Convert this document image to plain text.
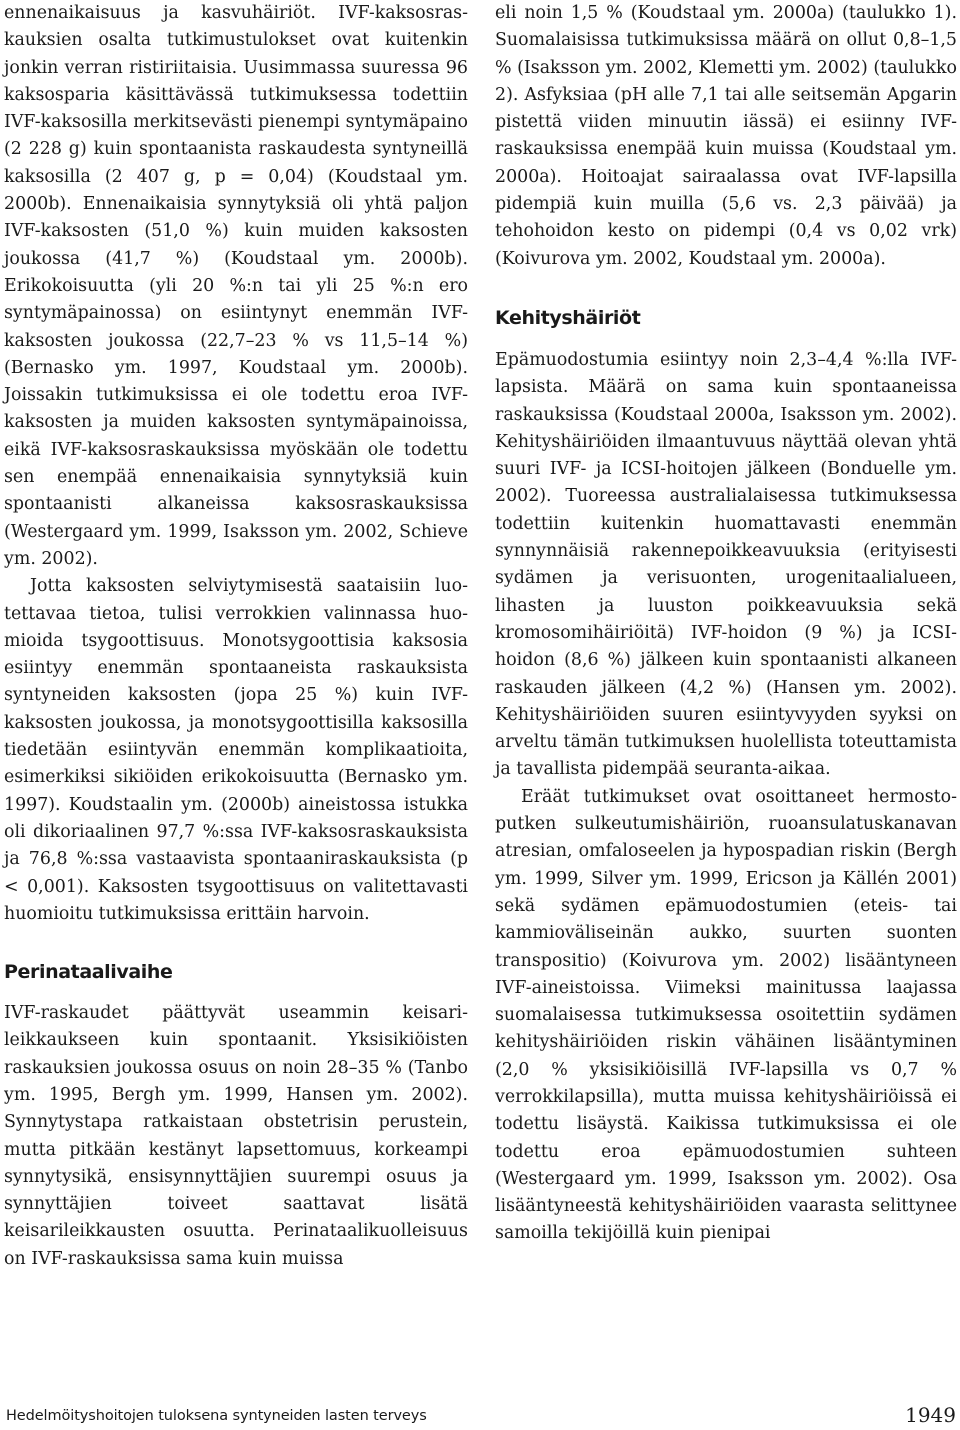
ennenaikaisuus ja kasvuhäiriöt. IVF-kaksosraskauksien osalta tutkimustulokset ovat kuitenkin jonkin verran ristiriitaisia. Uusimmassa suuressa 96 kaksosparia käsittävässä tutkimuksessa todettiin IVF-kaksosilla merkitsevästi pienempi syntymäpaino (2 228 g) kuin spontaanista raskaudesta syntyneillä kaksosilla (2 407 g, p = 0,04) (Koudstaal ym. 2000b). Ennenaikaisia synnytyksiä oli yhtä paljon IVF-kaksosten (51,0 %) kuin muiden kaksosten joukossa (41,7 %) (Koudstaal ym. 2000b). Erikokoisuutta (yli 20 %:n tai yli 25 %:n ero syntymäpainossa) on esiintynyt enemmän IVF-kaksosten joukossa (22,7–23 % vs 11,5–14 %) (Bernasko ym. 1997, Koudstaal ym. 2000b). Joissakin tutkimuksissa ei ole todettu eroa IVF-kaksosten ja muiden kaksosten syntymäpainoissa, eikä IVF-kaksosraskauksissa myöskään ole todettu sen enempää ennenaikaisia synnytyksiä kuin spontaanisti alkaneissa kaksosraskauksissa (Westergaard ym. 1999, Isaksson ym. 2002, Schieve ym. 2002).

Jotta kaksosten selviytymisestä saataisiin luotettavaa tietoa, tulisi verrokkien valinnassa huomioida tsygoottisuus. Monotsygoottisia kaksosia esiintyy enemmän spontaaneista raskauksista syntyneiden kaksosten (jopa 25 %) kuin IVF-kaksosten joukossa, ja monotsygoottisilla kaksosilla tiedetään esiintyvän enemmän komplikaatioita, esimerkiksi sikiöiden erikokoisuutta (Bernasko ym. 1997). Koudstaalin ym. (2000b) aineistossa istukka oli dikoriaalinen 97,7 %:ssa IVF-kaksosraskauksista ja 76,8 %:ssa vastaavista spontaaniraskauksista (p < 0,001). Kaksosten tsygoottisuus on valitettavasti huomioitu tutkimuksissa erittäin harvoin.

Perinataalivaihe

IVF-raskaudet päättyvät useammin keisarileikkaukseen kuin spontaanit. Yksisikiöisten raskauksien joukossa osuus on noin 28–35 % (Tanbo ym. 1995, Bergh ym. 1999, Hansen ym. 2002). Synnytystapa ratkaistaan obstetrisin perustein, mutta pitkään kestänyt lapsettomuus, korkeampi synnytysikä, ensisynnyttäjien suurempi osuus ja synnyttäjien toiveet saattavat lisätä keisarileikkausten osuutta. Perinataalikuolleisuus on IVF-raskauksissa sama kuin muissa

eli noin 1,5 % (Koudstaal ym. 2000a) (taulukko 1). Suomalaisissa tutkimuksissa määrä on ollut 0,8–1,5 % (Isaksson ym. 2002, Klemetti ym. 2002) (taulukko 2). Asfyksiaa (pH alle 7,1 tai alle seitsemän Apgarin pistettä viiden minuutin iässä) ei esiinny IVF-raskauksissa enempää kuin muissa (Koudstaal ym. 2000a). Hoitoajat sairaalassa ovat IVF-lapsilla pidempiä kuin muilla (5,6 vs. 2,3 päivää) ja tehohoidon kesto on pidempi (0,4 vs 0,02 vrk) (Koivurova ym. 2002, Koudstaal ym. 2000a).

Kehityshäiriöt

Epämuodostumia esiintyy noin 2,3–4,4 %:lla IVF-lapsista. Määrä on sama kuin spontaaneissa raskauksissa (Koudstaal 2000a, Isaksson ym. 2002). Kehityshäiriöiden ilmaantuvuus näyttää olevan yhtä suuri IVF- ja ICSI-hoitojen jälkeen (Bonduelle ym. 2002). Tuoreessa australialaisessa tutkimuksessa todettiin kuitenkin huomattavasti enemmän synnynnäisiä rakennepoikkeavuuksia (erityisesti sydämen ja verisuonten, urogenitaalialueen, lihasten ja luuston poikkeavuuksia sekä kromosomihäiriöitä) IVF-hoidon (9 %) ja ICSI-hoidon (8,6 %) jälkeen kuin spontaanisti alkaneen raskauden jälkeen (4,2 %) (Hansen ym. 2002). Kehityshäiriöiden suuren esiintyvyyden syyksi on arveltu tämän tutkimuksen huolellista toteuttamista ja tavallista pidempää seuranta-aikaa.

Eräät tutkimukset ovat osoittaneet hermostoputken sulkeutumishäiriön, ruoansulatuskanavan atresian, omfaloseelen ja hypospadian riskin (Bergh ym. 1999, Silver ym. 1999, Ericson ja Källén 2001) sekä sydämen epämuodostumien (eteis- tai kammioväliseinän aukko, suurten suonten transpositio) (Koivurova ym. 2002) lisääntyneen IVF-aineistoissa. Viimeksi mainitussa laajassa suomalaisessa tutkimuksessa osoitettiin sydämen kehityshäiriöiden riskin vähäinen lisääntyminen (2,0 % yksisikiöisillä IVF-lapsilla vs 0,7 % verrokkilapsilla), mutta muissa kehityshäiriöissä ei todettu lisäystä. Kaikissa tutkimuksissa ei ole todettu eroa epämuodostumien suhteen (Westergaard ym. 1999, Isaksson ym. 2002). Osa lisääntyneestä kehityshäiriöiden vaarasta selittynee samoilla tekijöillä kuin pienipai

Hedelmöityshoitojen tuloksena syntyneiden lasten terveys	1949
